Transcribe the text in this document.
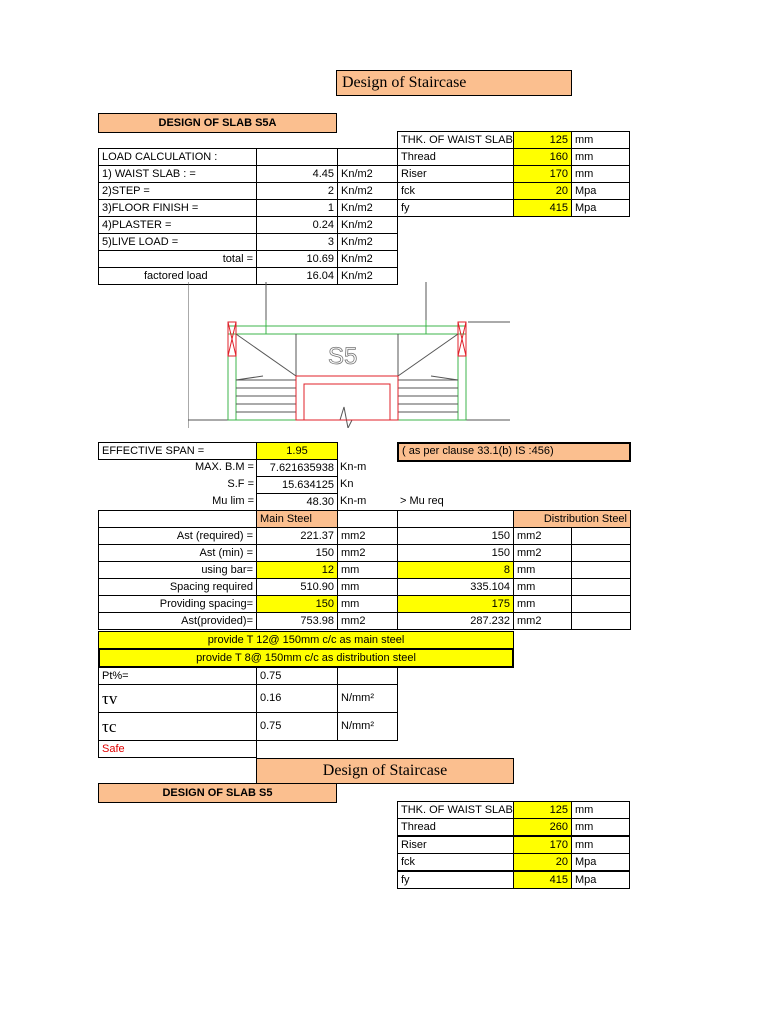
Design of Staircase
DESIGN OF SLAB S5A
THK. OF WAIST SLAB	125 mm
Thread	160 mm
Riser	170 mm
fck	20 Mpa
fy	415 Mpa
LOAD CALCULATION :
1) WAIST SLAB : =	4.45 Kn/m2
2)STEP =	2 Kn/m2
3)FLOOR FINISH =	1 Kn/m2
4)PLASTER =	0.24 Kn/m2
5)LIVE LOAD =	3 Kn/m2
total =	10.69 Kn/m2
factored load	16.04 Kn/m2
S5
EFFECTIVE SPAN =	1.95	( as per clause 33.1(b) IS :456)
MAX. B.M =	7.621635938 Kn-m
S.F =	15.634125 Kn
Mu lim =	48.30 Kn-m	> Mu req
Main Steel	Distribution Steel
Ast (required) =	221.37 mm2	150 mm2
Ast (min) =	150 mm2	150 mm2
using bar=	12 mm	8 mm
Spacing required	510.90 mm	335.104 mm
Providing spacing=	150 mm	175 mm
Ast(provided)=	753.98 mm2	287.232 mm2
provide T 12@ 150mm c/c as main steel
provide T 8@ 150mm c/c as distribution steel
Pt%=	0.75
τv	0.16	N/mm²
τc	0.75	N/mm²
Safe
Design of Staircase
DESIGN OF SLAB S5
THK. OF WAIST SLAB	125 mm
Thread	260 mm
Riser	170 mm
fck	20 Mpa
fy	415 Mpa
